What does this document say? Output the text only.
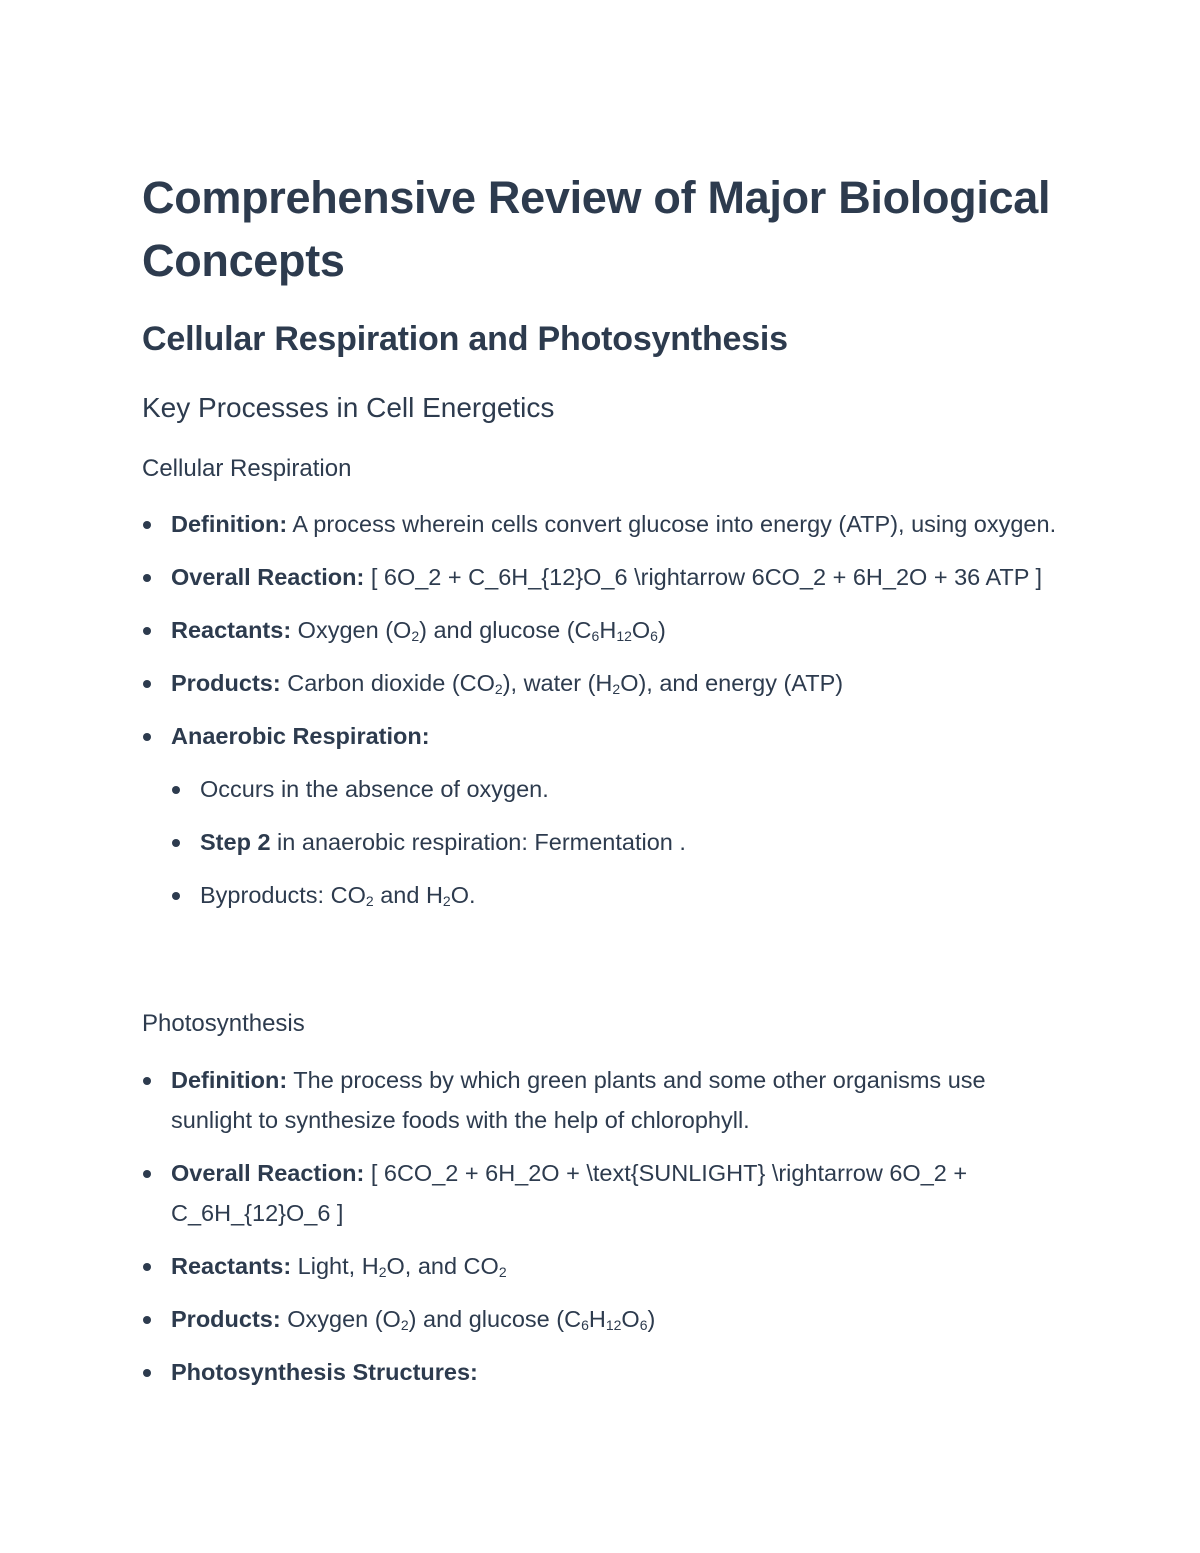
Comprehensive Review of Major Biological Concepts
Cellular Respiration and Photosynthesis
Key Processes in Cell Energetics
Cellular Respiration
Definition: A process wherein cells convert glucose into energy (ATP), using oxygen.
Overall Reaction: [ 6O_2 + C_6H_{12}O_6 \rightarrow 6CO_2 + 6H_2O + 36 ATP ]
Reactants: Oxygen $(O_2)$ and glucose $(C_6H_{12}O_6)$
Products: Carbon dioxide $(CO_2)$, water $(H_2O)$, and energy (ATP)
Anaerobic Respiration:
Occurs in the absence of oxygen.
Step 2 in anaerobic respiration: Fermentation .
Byproducts: $CO_2$ and $H_2O$.
Photosynthesis
Definition: The process by which green plants and some other organisms use sunlight to synthesize foods with the help of chlorophyll.
Overall Reaction: [ 6CO_2 + 6H_2O + \text{SUNLIGHT} \rightarrow 6O_2 + C_6H_{12}O_6 ]
Reactants: Light, $H_2O$, and $CO_2$
Products: Oxygen $(O_2)$ and glucose $(C_6H_{12}O_6)$
Photosynthesis Structures:
